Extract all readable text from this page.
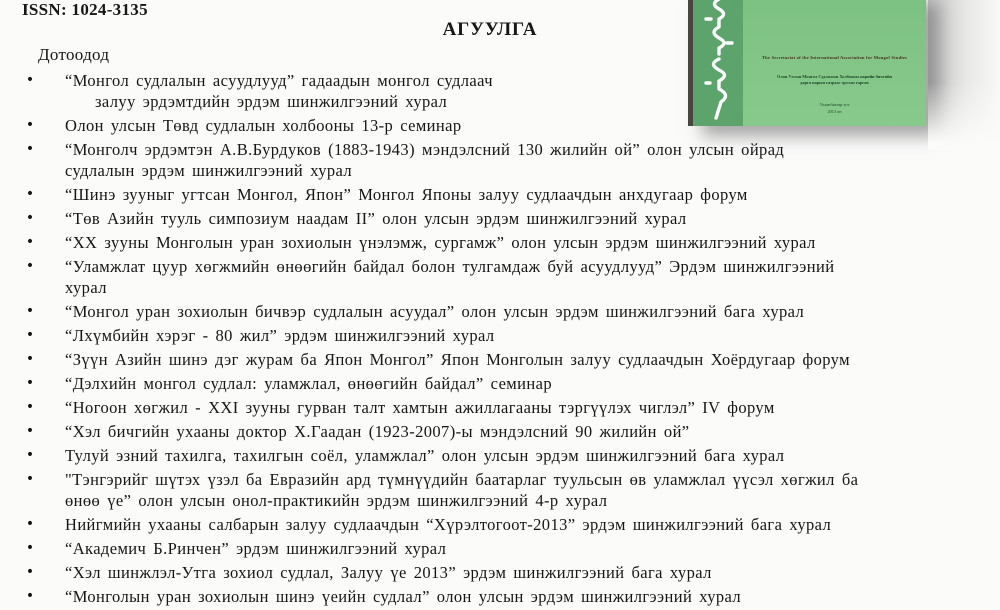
ISSN: 1024-3135
АГУУЛГА
Дотоодод
•	“Монгол судлалын асуудлууд” гадаадын монгол судлаач
залуу эрдэмтдийн эрдэм шинжилгээний хурал
•	Олон улсын Төвд судлалын холбооны 13-р семинар
•	“Монголч эрдэмтэн А.В.Бурдуков (1883-1943) мэндэлсний 130 жилийн ой” олон улсын ойрад
судлалын эрдэм шинжилгээний хурал
•	“Шинэ зууныг угтсан Монгол, Япон” Монгол Японы залуу судлаачдын анхдугаар форум
•	“Төв Азийн тууль симпозиум наадам II” олон улсын эрдэм шинжилгээний хурал
•	“ХХ зууны Монголын уран зохиолын үнэлэмж, сургамж” олон улсын эрдэм шинжилгээний хурал
•	“Уламжлат цуур хөгжмийн өнөөгийн байдал болон тулгамдаж буй асуудлууд” Эрдэм шинжилгээний
хурал
•	“Монгол уран зохиолын бичвэр судлалын асуудал” олон улсын эрдэм шинжилгээний бага хурал
•	“Лхүмбийн хэрэг - 80 жил” эрдэм шинжилгээний хурал
•	“Зүүн Азийн шинэ дэг журам ба Япон Монгол” Япон Монголын залуу судлаачдын Хоёрдугаар форум
•	“Дэлхийн монгол судлал: уламжлал, өнөөгийн байдал” семинар
•	“Ногоон хөгжил - XXI зууны гурван талт хамтын ажиллагааны тэргүүлэх чиглэл” IV форум
•	“Хэл бичгийн ухааны доктор Х.Гаадан (1923-2007)-ы мэндэлсний 90 жилийн ой”
•	Тулуй эзний тахилга, тахилгын соёл, уламжлал” олон улсын эрдэм шинжилгээний бага хурал
•	"Тэнгэрийг шүтэх үзэл ба Евразийн ард түмнүүдийн баатарлаг туульсын өв уламжлал үүсэл хөгжил ба
өнөө үе” олон улсын онол-практикийн эрдэм шинжилгээний 4-р хурал
•	Нийгмийн ухааны салбарын залуу судлаачдын “Хүрэлтогоот-2013” эрдэм шинжилгээний бага хурал
•	“Академич Б.Ринчен” эрдэм шинжилгээний хурал
•	“Хэл шинжлэл-Утга зохиол судлал, Залуу үе 2013” эрдэм шинжилгээний бага хурал
•	“Монголын уран зохиолын шинэ үеийн судлал” олон улсын эрдэм шинжилгээний хурал
The Secretariat of the International Association for Mongol Studies
Олон Улсын Монгол Судлалын Холбооны нарийн бичгийн
дарга нарын газраас эрхлэн гаргав
Улаанбаатар хот
2013 он
